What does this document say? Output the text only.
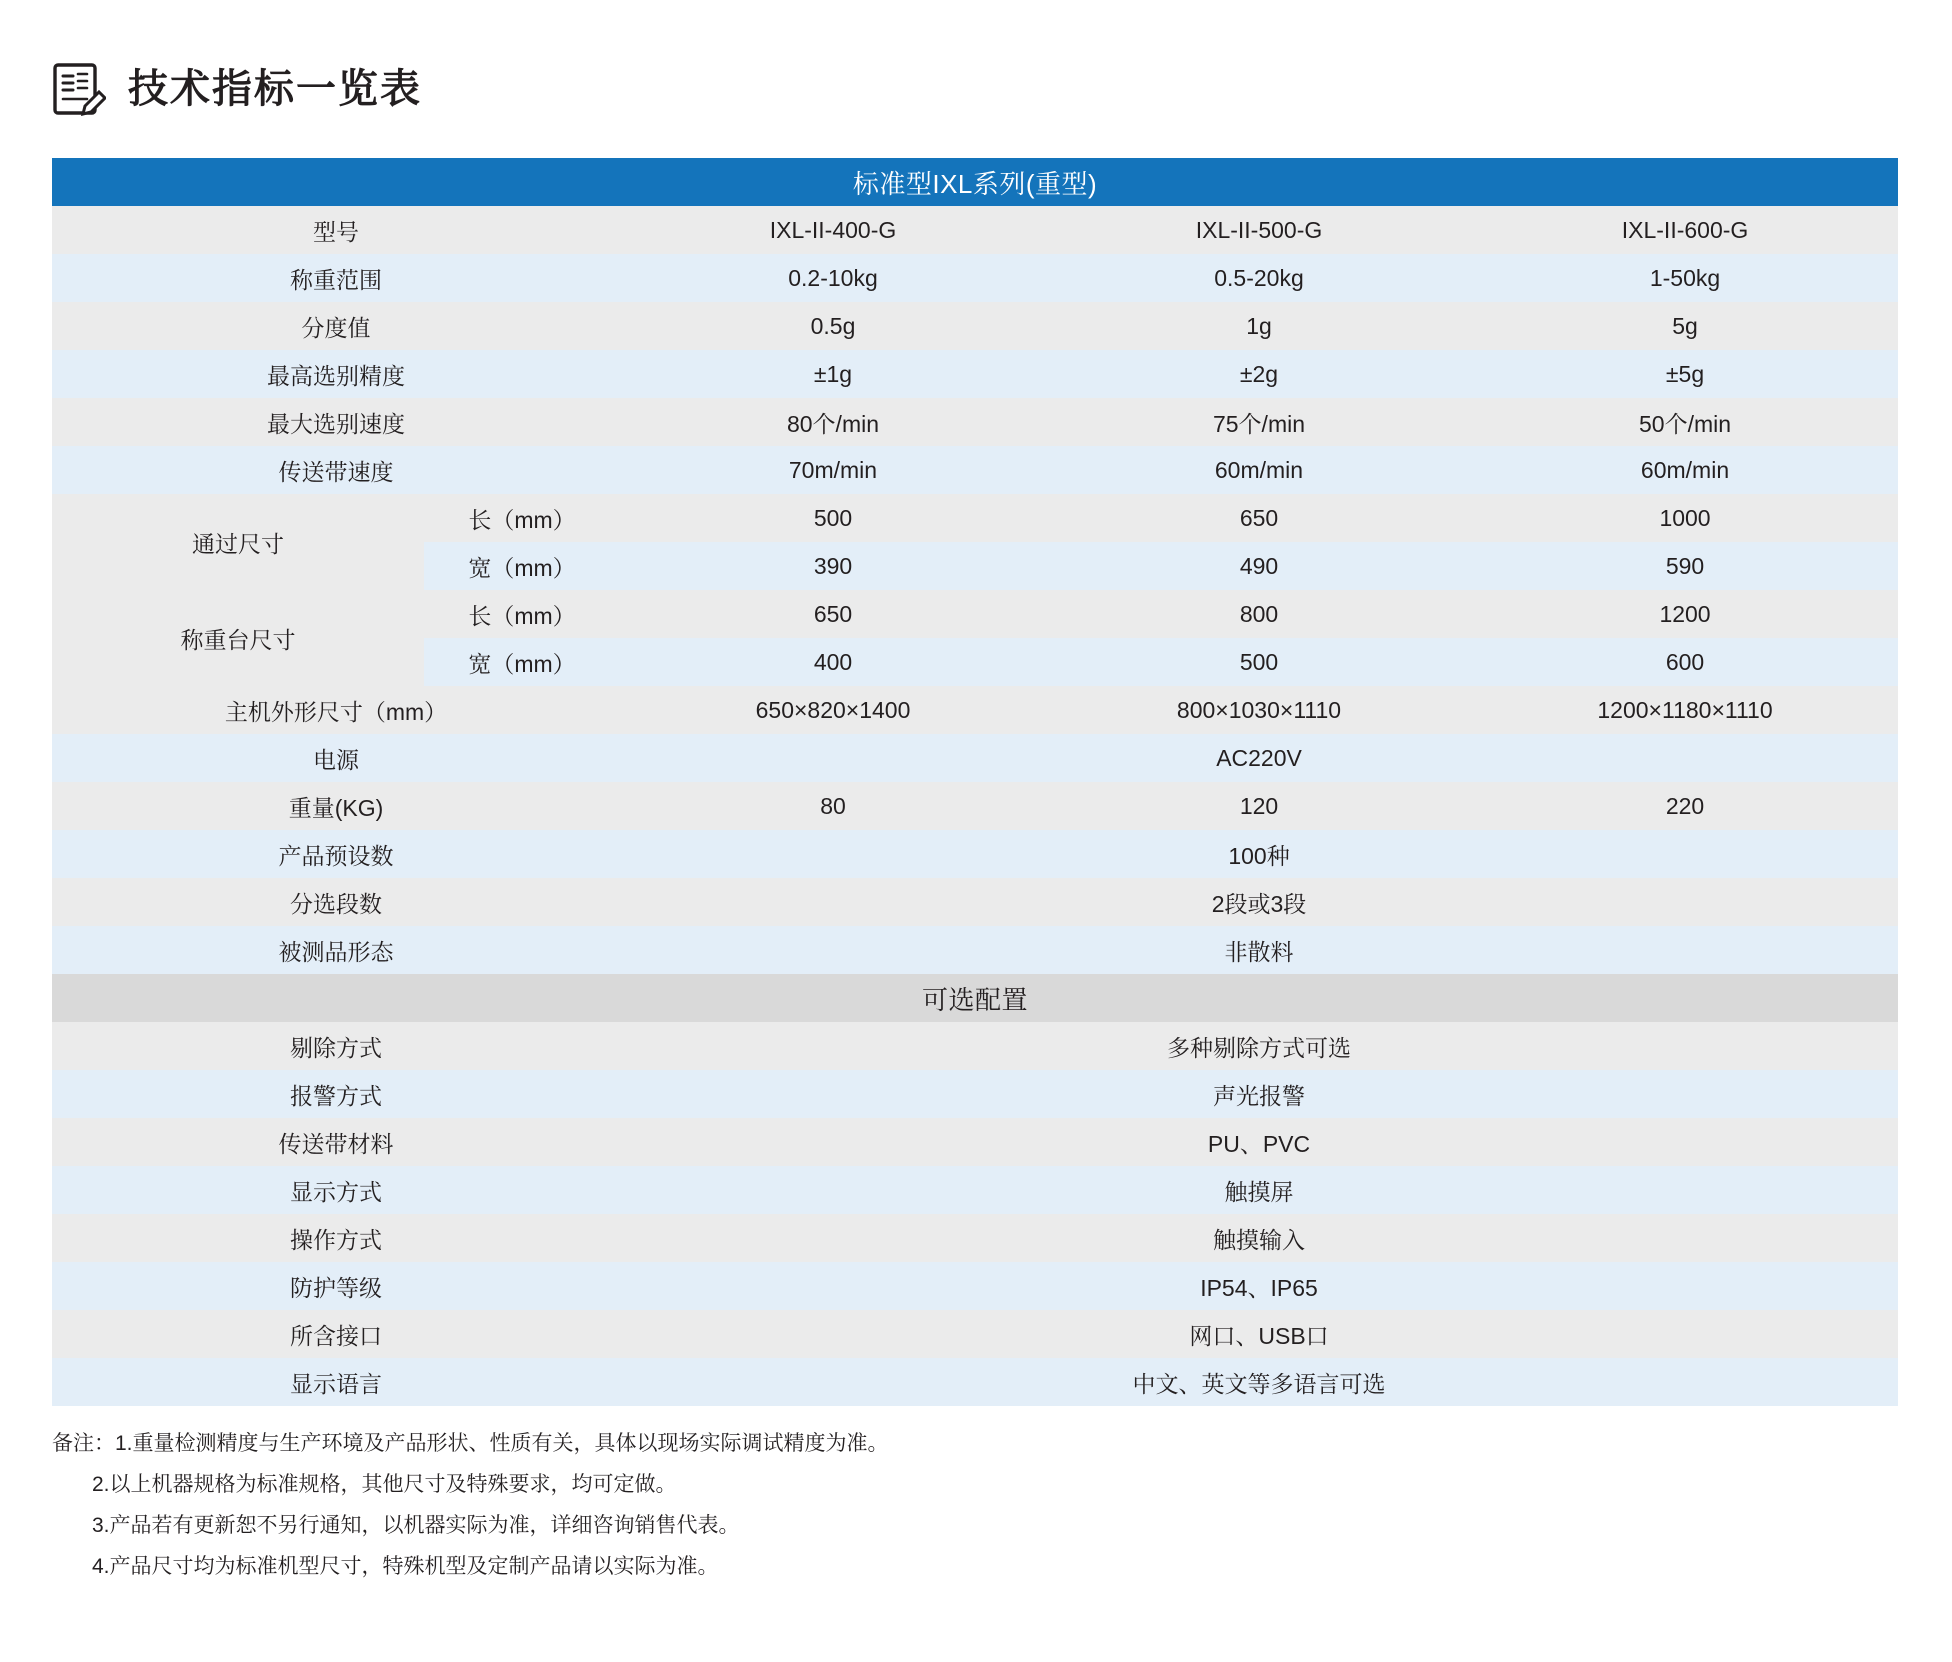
技术指标一览表
标准型IXL系列(重型)				
型号		IXL-II-400-G	IXL-II-500-G	IXL-II-600-G
称重范围		0.2-10kg	0.5-20kg	1-50kg
分度值		0.5g	1g	5g
最高选别精度		±1g	±2g	±5g
最大选别速度		80个/min	75个/min	50个/min
传送带速度		70m/min	60m/min	60m/min
通过尺寸	长（mm）	500	650	1000
	宽（mm）	390	490	590
称重台尺寸	长（mm）	650	800	1200
	宽（mm）	400	500	600
主机外形尺寸（mm）		650×820×1400	800×1030×1110	1200×1180×1110
电源		AC220V		
重量(KG)		80	120	220
产品预设数		100种		
分选段数		2段或3段		
被测品形态		非散料		
可选配置				
剔除方式		多种剔除方式可选		
报警方式		声光报警		
传送带材料		PU、PVC		
显示方式		触摸屏		
操作方式		触摸输入		
防护等级		IP54、IP65		
所含接口		网口、USB口		
显示语言		中文、英文等多语言可选		
备注：1.重量检测精度与生产环境及产品形状、性质有关，具体以现场实际调试精度为准。
2.以上机器规格为标准规格，其他尺寸及特殊要求，均可定做。
3.产品若有更新恕不另行通知，以机器实际为准，详细咨询销售代表。
4.产品尺寸均为标准机型尺寸，特殊机型及定制产品请以实际为准。
